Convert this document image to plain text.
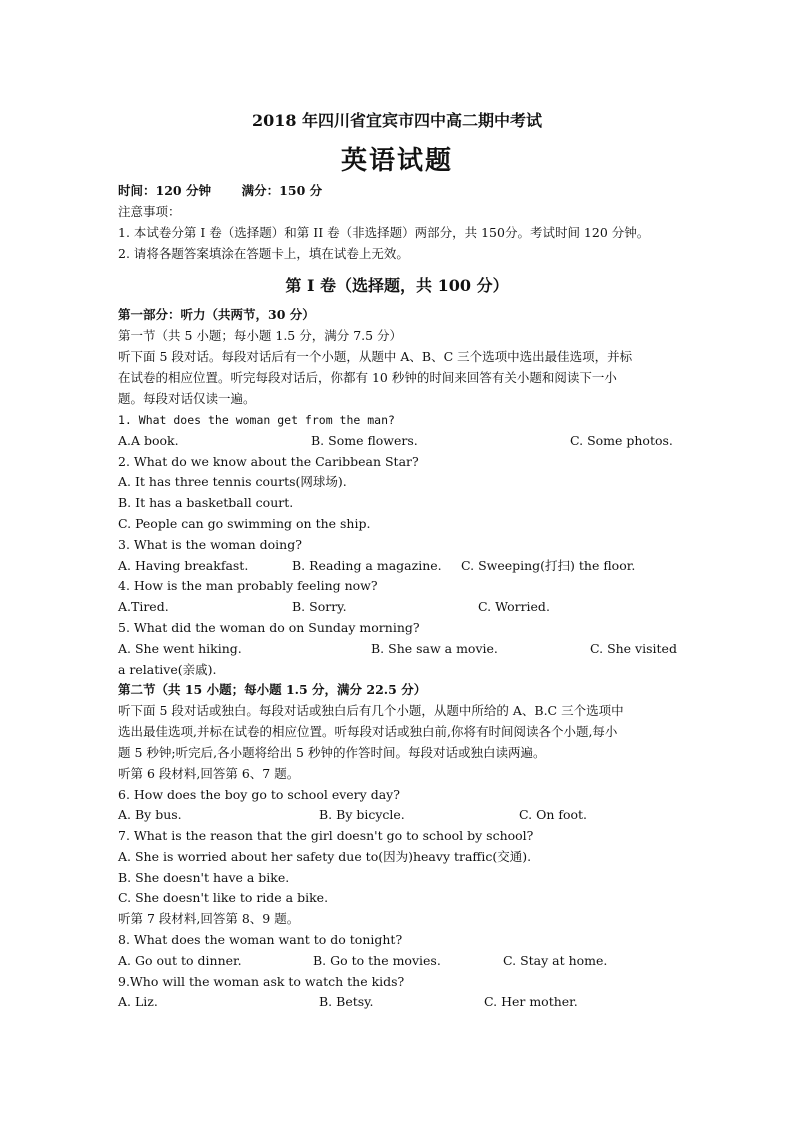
2018 年四川省宜宾市四中高二期中考试
英语试题
时间：120 分钟 满分：150 分
注意事项：
1. 本试卷分第 I 卷（选择题）和第 II 卷（非选择题）两部分，共 150分。考试时间 120 分钟。
2. 请将各题答案填涂在答题卡上，填在试卷上无效。
第 I 卷（选择题，共 100 分）
第一部分：听力（共两节，30 分）
第一节（共 5 小题；每小题 1.5 分，满分 7.5 分）
听下面 5 段对话。每段对话后有一个小题，从题中 A、B、C 三个选项中选出最佳选项，并标
在试卷的相应位置。听完每段对话后，你都有 10 秒钟的时间来回答有关小题和阅读下一小
题。每段对话仅读一遍。
1. What does the woman get from the man?
A.A book.	B. Some flowers.	C. Some photos.
2. What do we know about the Caribbean Star?
A. It has three tennis courts(网球场).
B. It has a basketball court.
C. People can go swimming on the ship.
3. What is the woman doing?
A. Having breakfast.	B. Reading a magazine. C. Sweeping(打扫) the floor.
4. How is the man probably feeling now?
A.Tired.	B. Sorry.	C. Worried.
5. What did the woman do on Sunday morning?
A. She went hiking.	B. She saw a movie.	C. She visited
a relative(亲戚).
第二节（共 15 小题；每小题 1.5 分，满分 22.5 分）
听下面 5 段对话或独白。每段对话或独白后有几个小题，从题中所给的 A、B.C 三个选项中
选出最佳选项,并标在试卷的相应位置。听每段对话或独白前,你将有时间阅读各个小题,每小
题 5 秒钟;听完后,各小题将给出 5 秒钟的作答时间。每段对话或独白读两遍。
听第 6 段材料,回答第 6、7 题。
6. How does the boy go to school every day?
A. By bus.	B. By bicycle.	C. On foot.
7. What is the reason that the girl doesn't go to school by school?
A. She is worried about her safety due to(因为)heavy traffic(交通).
B. She doesn't have a bike.
C. She doesn't like to ride a bike.
听第 7 段材料,回答第 8、9 题。
8. What does the woman want to do tonight?
A. Go out to dinner.	B. Go to the movies.	C. Stay at home.
9.Who will the woman ask to watch the kids?
A. Liz.	B. Betsy.	C. Her mother.
